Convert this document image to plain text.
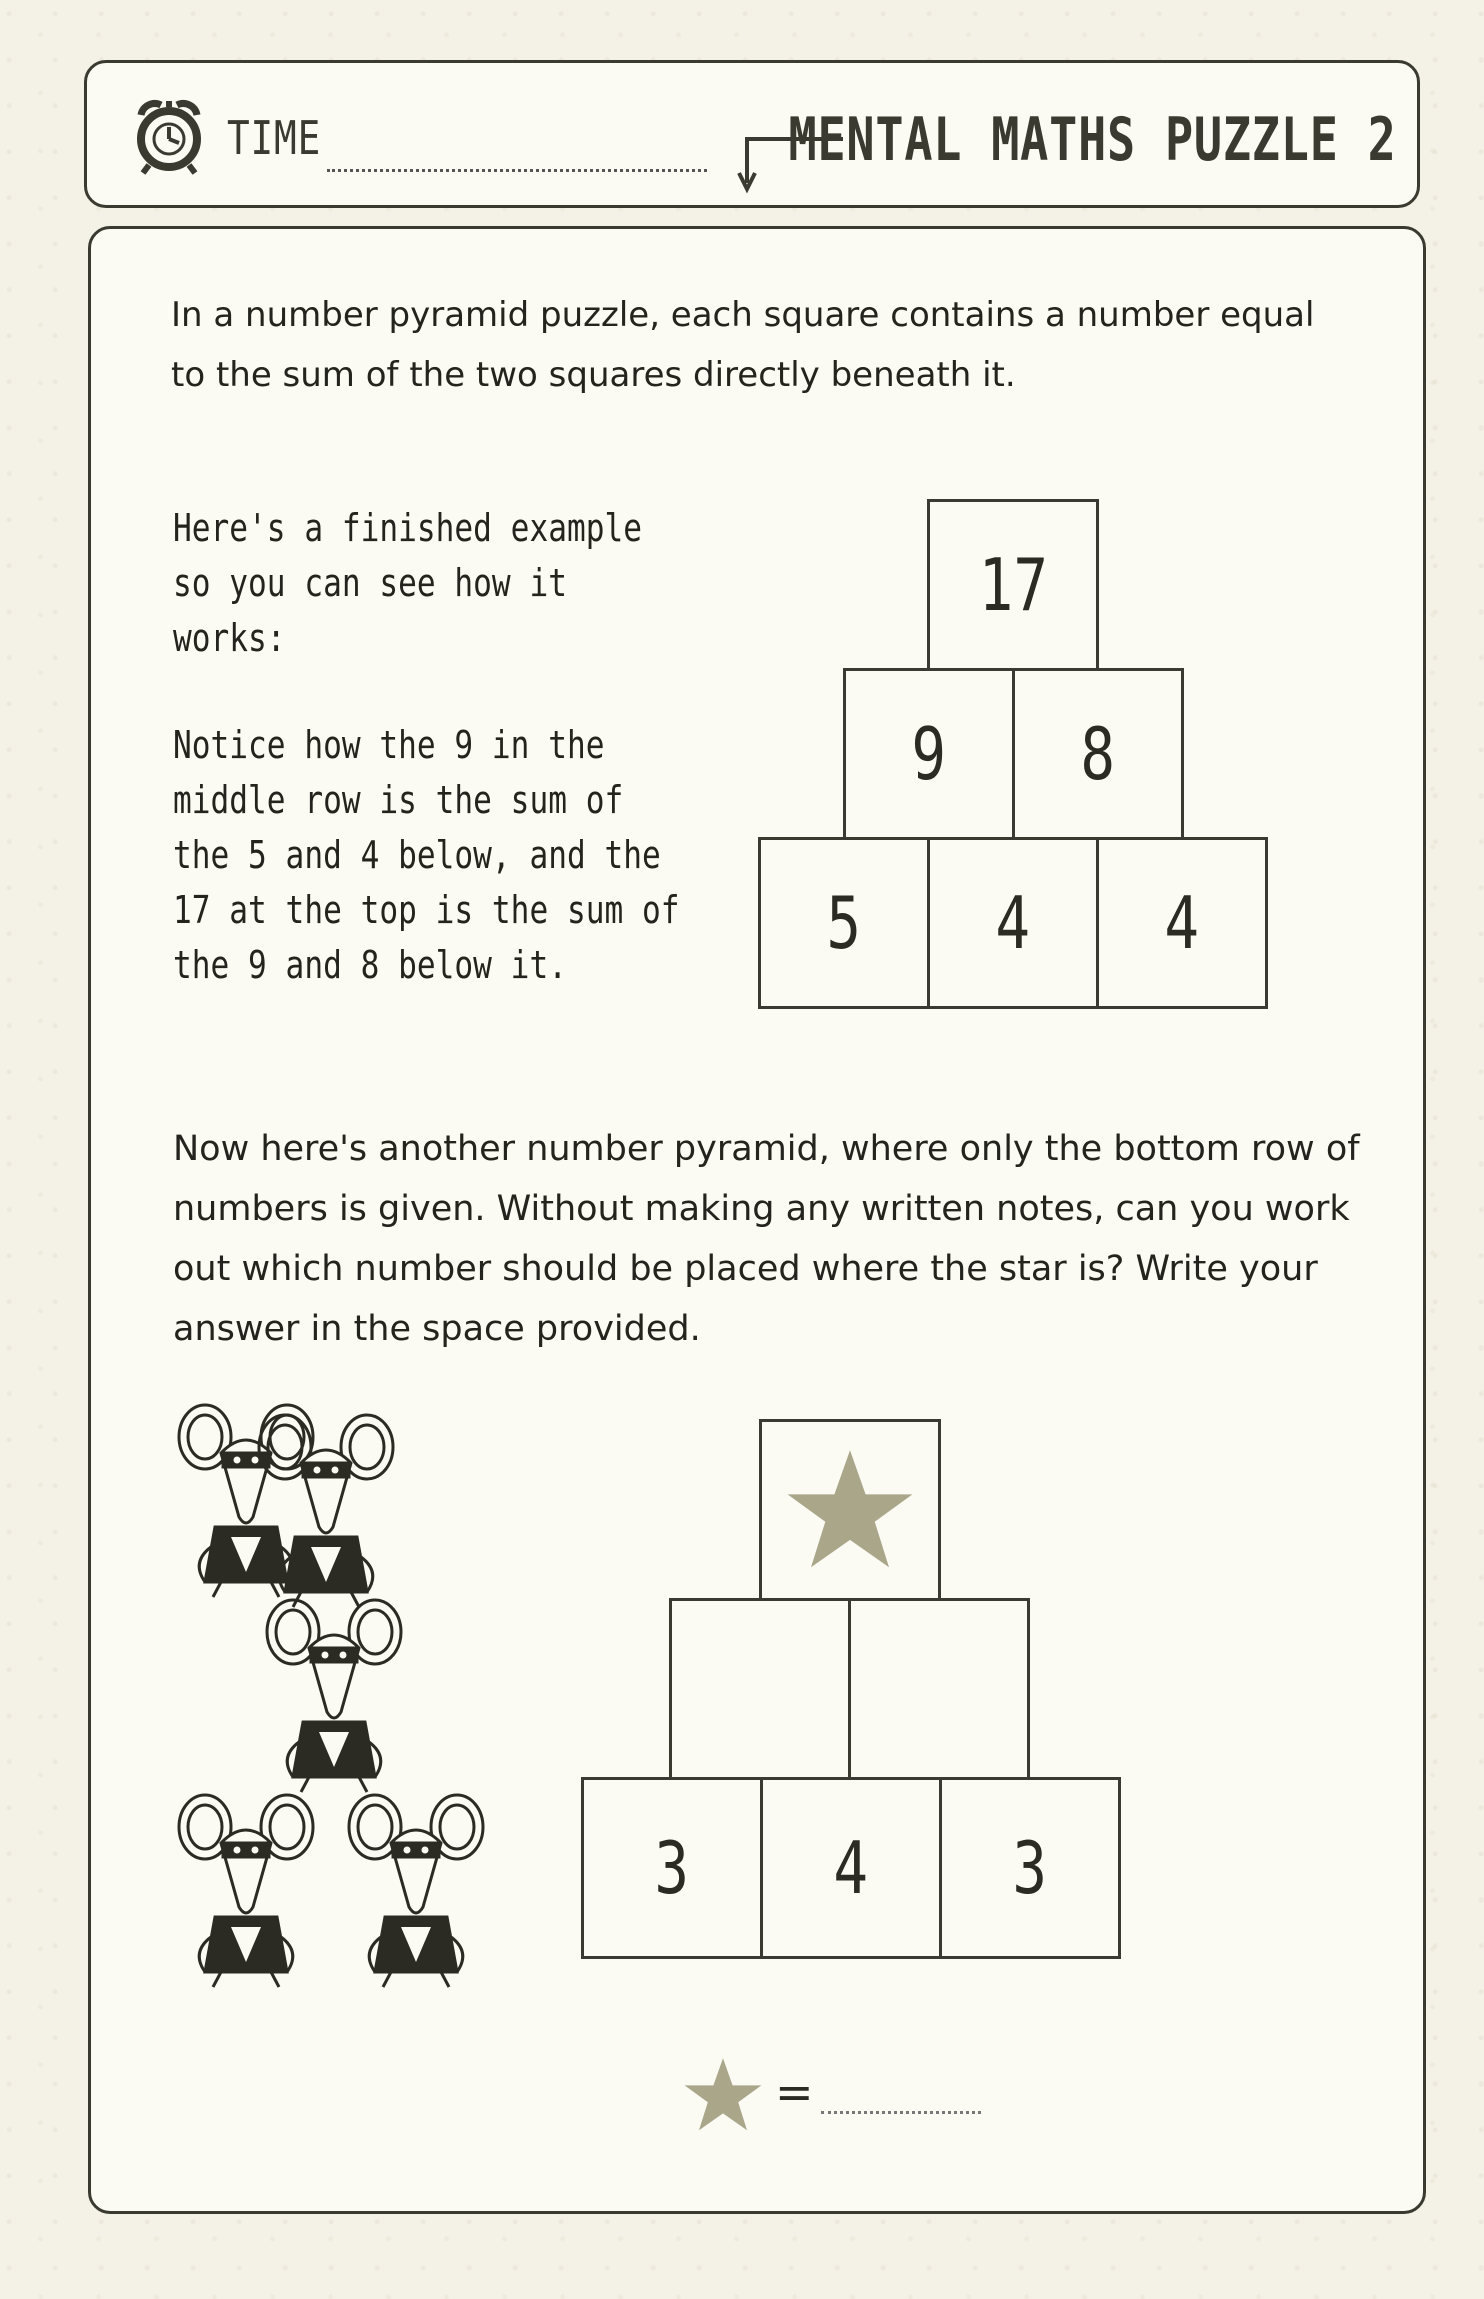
TIME	MENTAL MATHS PUZZLE 2
In a number pyramid puzzle, each square contains a number equal to the sum of the two squares directly beneath it.

Here's a finished example so you can see how it works:

Notice how the 9 in the middle row is the sum of the 5 and 4 below, and the 17 at the top is the sum of the 9 and 8 below it.

17
9 8
5 4 4
Now here's another number pyramid, where only the bottom row of numbers is given. Without making any written notes, can you work out which number should be placed where the star is? Write your answer in the space provided.
3 4 3
=
